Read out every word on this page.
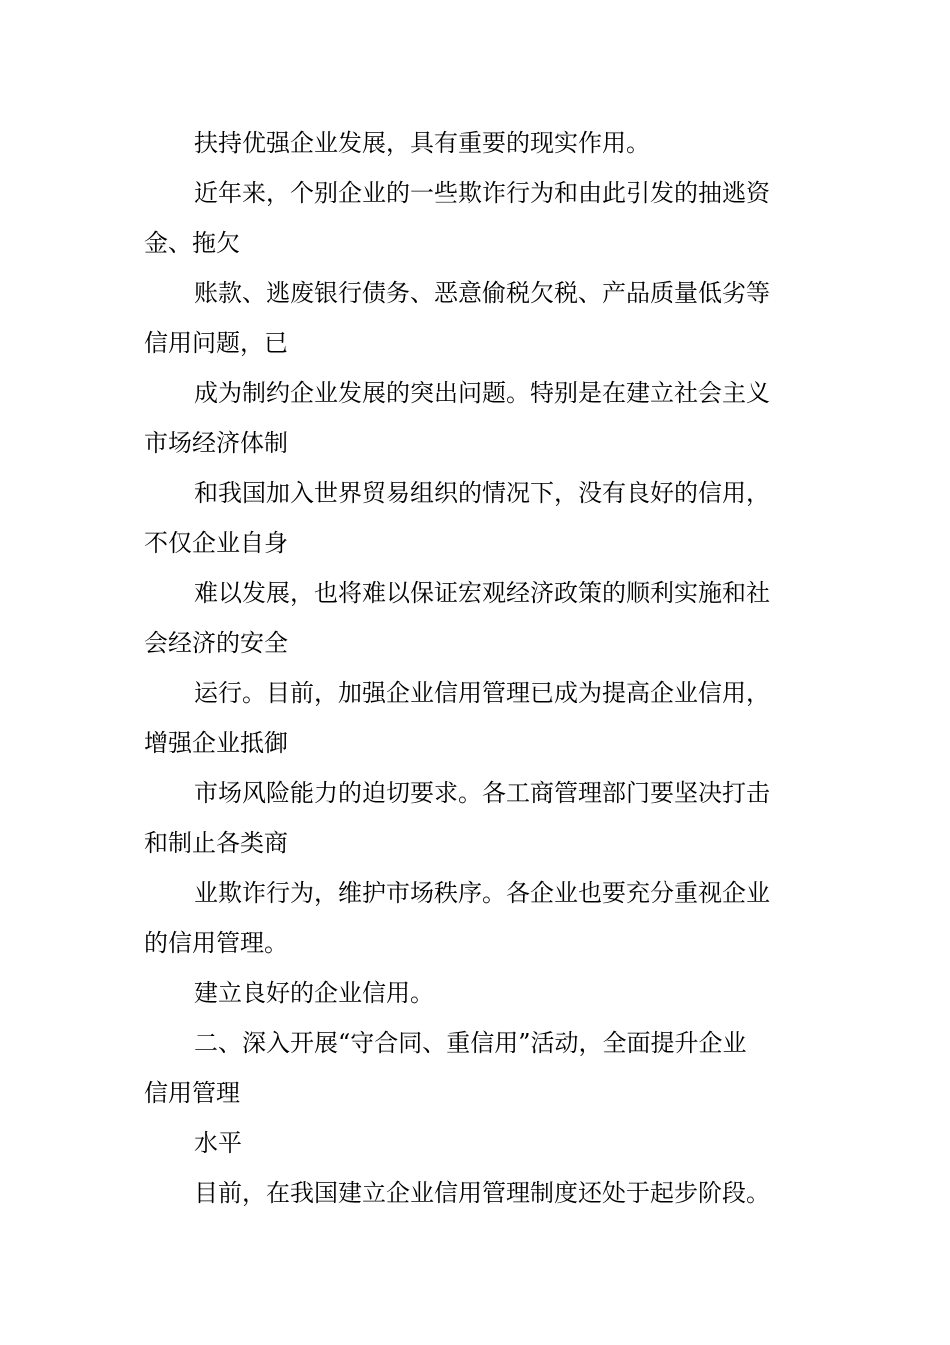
扶持优强企业发展，具有重要的现实作用。
近年来，个别企业的一些欺诈行为和由此引发的抽逃资
金、拖欠
账款、逃废银行债务、恶意偷税欠税、产品质量低劣等
信用问题，已
成为制约企业发展的突出问题。特别是在建立社会主义
市场经济体制
和我国加入世界贸易组织的情况下，没有良好的信用，
不仅企业自身
难以发展，也将难以保证宏观经济政策的顺利实施和社
会经济的安全
运行。目前，加强企业信用管理已成为提高企业信用，
增强企业抵御
市场风险能力的迫切要求。各工商管理部门要坚决打击
和制止各类商
业欺诈行为，维护市场秩序。各企业也要充分重视企业
的信用管理。
建立良好的企业信用。
二、深入开展“守合同、重信用”活动，全面提升企业
信用管理
水平
目前，在我国建立企业信用管理制度还处于起步阶段。
